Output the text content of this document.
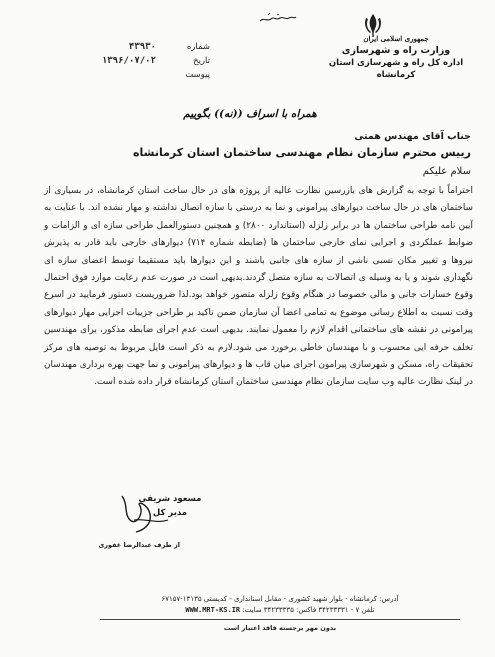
جمهوری اسلامی ایران
وزارت راه و شهرسازی
اداره کل راه و شهرسازی استان کرمانشاه
شماره
۴۳۹۳۰
تاریخ
۱۳۹۶/۰۷/۰۲
پیوست
همراه با اسراف ((نه)) بگوییم
جناب آقای مهندس همتی
رییس محترم سازمان نظام مهندسی ساختمان استان کرمانشاه
سلام علیکم

احتراماً با توجه به گزارش های بازرسین نظارت عالیه از پروژه های در حال ساخت استان کرمانشاه، در بسیاری از ساختمان های در حال ساخت دیوارهای پیرامونی و نما به درستی با سازه اتصال نداشته و مهار نشده اند. با عنایت به آیین نامه طراحی ساختمان ها در برابر زلزله (استاندارد ۲۸۰۰) و همچنین دستورالعمل طراحی سازه ای و الزامات و ضوابط عملکردی و اجرایی نمای خارجی ساختمان ها (ضابطه شماره ۷۱۴) دیوارهای خارجی باید قادر به پذیرش نیروها و تغییر مکان نسبی ناشی از سازه های جانبی باشند و این دیوارها باید مستقیما توسط اعضای سازه ای نگهداری شوند و یا به وسیله ی اتصالات به سازه متصل گردند.بدیهی است در صورت عدم رعایت موارد فوق احتمال وقوع خسارات جانی و مالی خصوصا در هنگام وقوع زلزله متصور خواهد بود.لذا ضروریست دستور فرمایید در اسرع وقت نسبت به اطلاع رسانی موضوع به تمامی اعضا آن سازمان ضمن تاکید بر طراحی جزییات اجرایی مهار دیوارهای پیرامونی در نقشه های ساختمانی اقدام لازم را معمول نمایند. بدیهی است عدم اجرای ضابطه مذکور، برای مهندسین تخلف حرفه ایی محسوب و با مهندسان خاطی برخورد می شود.لازم به ذکر است فایل مربوط به توصیه های مرکز تحقیقات راه، مسکن و شهرسازی پیرامون اجرای میان قاب ها و دیوارهای پیرامونی و نما جهت بهره برداری مهندسان در لینک نظارت عالیه وب سایت سازمان نظام مهندسی ساختمان استان کرمانشاه قرار داده شده است.

مسعود شریفی
مدیر کل
از طرف عبدالرضا غفوری
آدرس: کرمانشاه - بلوار شهید کشوری - مقابل استانداری - کدپستی ۱۴۱۳۵-۶۷۱۵۷
تلفن ۷ - ۳۴۲۳۳۳۳۱ فاکس: ۳۴۲۳۳۳۳۵ سایت: WWW.MRT-KS.IR
بدون مهر برجسته فاقد اعتبار است
